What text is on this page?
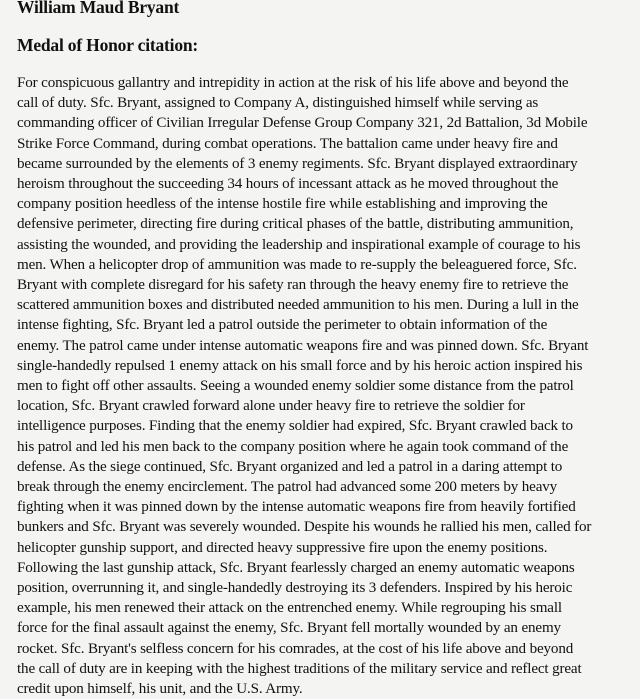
William Maud Bryant
Medal of Honor citation:

For conspicuous gallantry and intrepidity in action at the risk of his life above and beyond the
call of duty. Sfc. Bryant, assigned to Company A, distinguished himself while serving as
commanding officer of Civilian Irregular Defense Group Company 321, 2d Battalion, 3d Mobile
Strike Force Command, during combat operations. The battalion came under heavy fire and
became surrounded by the elements of 3 enemy regiments. Sfc. Bryant displayed extraordinary
heroism throughout the succeeding 34 hours of incessant attack as he moved throughout the
company position heedless of the intense hostile fire while establishing and improving the
defensive perimeter, directing fire during critical phases of the battle, distributing ammunition,
assisting the wounded, and providing the leadership and inspirational example of courage to his
men. When a helicopter drop of ammunition was made to re-supply the beleaguered force, Sfc.
Bryant with complete disregard for his safety ran through the heavy enemy fire to retrieve the
scattered ammunition boxes and distributed needed ammunition to his men. During a lull in the
intense fighting, Sfc. Bryant led a patrol outside the perimeter to obtain information of the
enemy. The patrol came under intense automatic weapons fire and was pinned down. Sfc. Bryant
single-handedly repulsed 1 enemy attack on his small force and by his heroic action inspired his
men to fight off other assaults. Seeing a wounded enemy soldier some distance from the patrol
location, Sfc. Bryant crawled forward alone under heavy fire to retrieve the soldier for
intelligence purposes. Finding that the enemy soldier had expired, Sfc. Bryant crawled back to
his patrol and led his men back to the company position where he again took command of the
defense. As the siege continued, Sfc. Bryant organized and led a patrol in a daring attempt to
break through the enemy encirclement. The patrol had advanced some 200 meters by heavy
fighting when it was pinned down by the intense automatic weapons fire from heavily fortified
bunkers and Sfc. Bryant was severely wounded. Despite his wounds he rallied his men, called for
helicopter gunship support, and directed heavy suppressive fire upon the enemy positions.
Following the last gunship attack, Sfc. Bryant fearlessly charged an enemy automatic weapons
position, overrunning it, and single-handedly destroying its 3 defenders. Inspired by his heroic
example, his men renewed their attack on the entrenched enemy. While regrouping his small
force for the final assault against the enemy, Sfc. Bryant fell mortally wounded by an enemy
rocket. Sfc. Bryant's selfless concern for his comrades, at the cost of his life above and beyond
the call of duty are in keeping with the highest traditions of the military service and reflect great
credit upon himself, his unit, and the U.S. Army.
